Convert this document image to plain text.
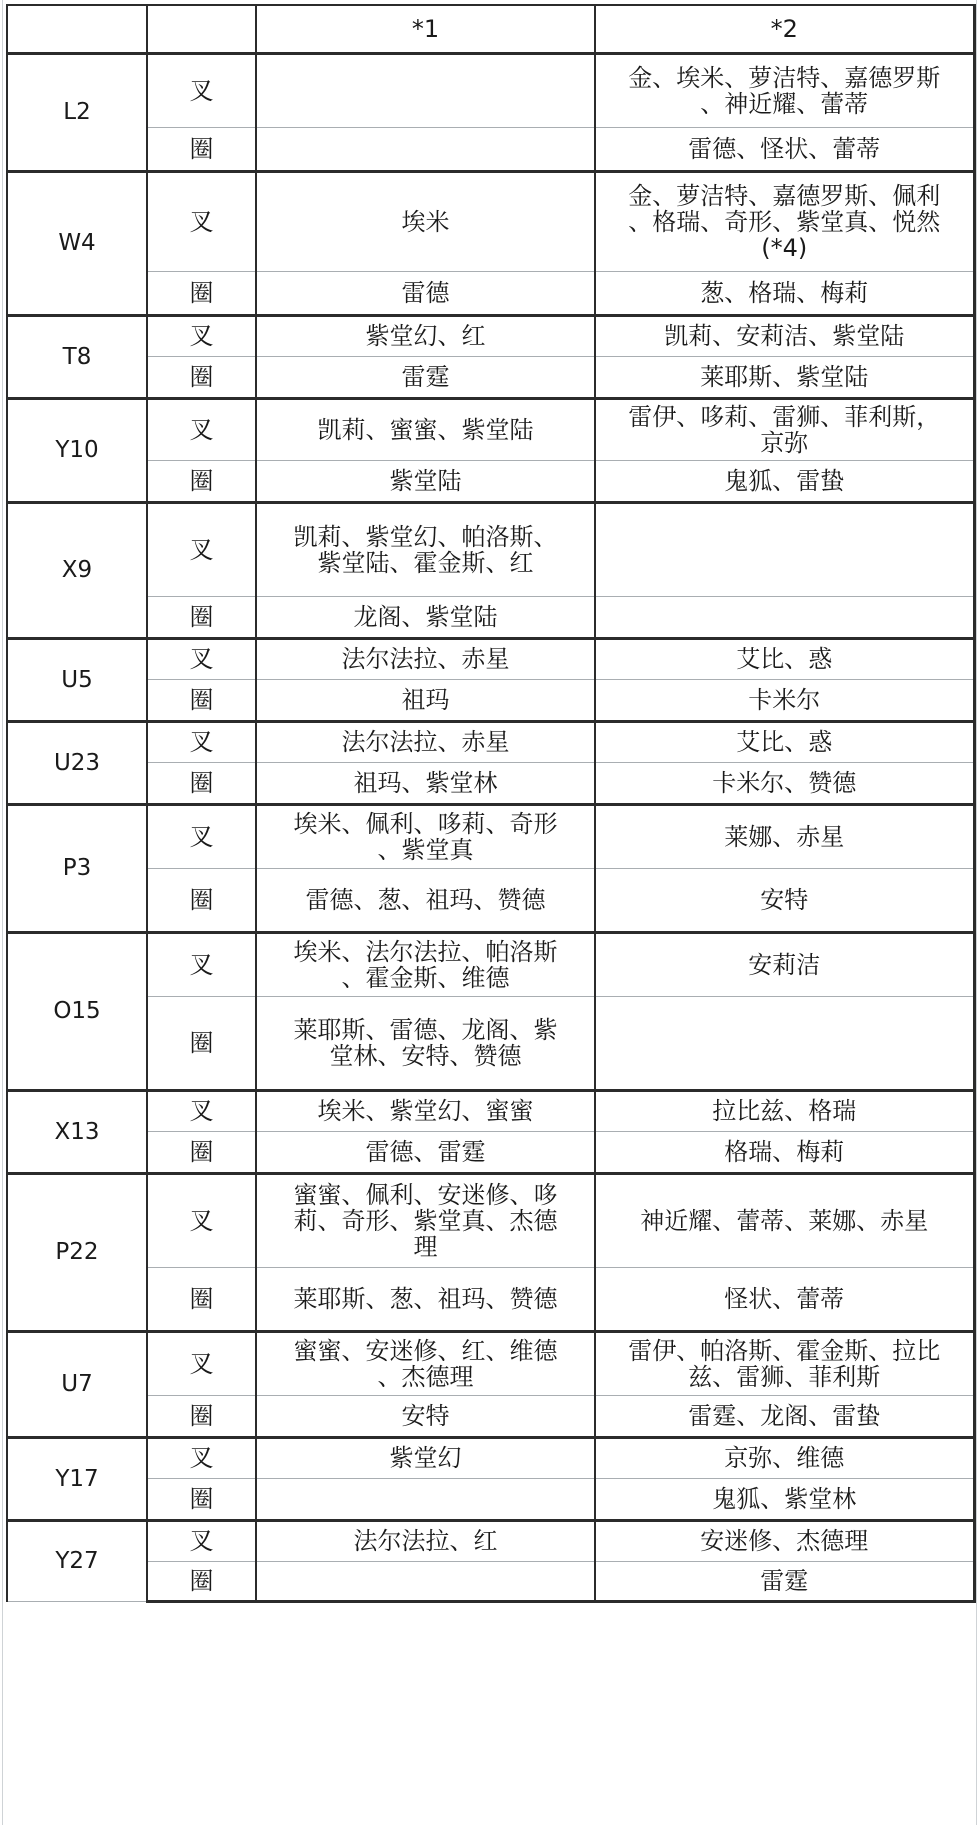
		*1	*2
L2	叉		金、埃米、萝洁特、嘉德罗斯
、神近耀、蕾蒂
	圈		雷德、怪状、蕾蒂
W4	叉	埃米	金、萝洁特、嘉德罗斯、佩利
、格瑞、奇形、紫堂真、悦然
(*4)
	圈	雷德	葱、格瑞、梅莉
T8	叉	紫堂幻、红	凯莉、安莉洁、紫堂陆
	圈	雷霆	莱耶斯、紫堂陆
Y10	叉	凯莉、蜜蜜、紫堂陆	雷伊、哆莉、雷狮、菲利斯，
京弥
	圈	紫堂陆	鬼狐、雷蛰
X9	叉	凯莉、紫堂幻、帕洛斯、
紫堂陆、霍金斯、红	
	圈	龙阁、紫堂陆	
U5	叉	法尔法拉、赤星	艾比、惑
	圈	祖玛	卡米尔
U23	叉	法尔法拉、赤星	艾比、惑
	圈	祖玛、紫堂林	卡米尔、赞德
P3	叉	埃米、佩利、哆莉、奇形
、紫堂真	莱娜、赤星
	圈	雷德、葱、祖玛、赞德	安特
O15	叉	埃米、法尔法拉、帕洛斯
、霍金斯、维德	安莉洁
	圈	莱耶斯、雷德、龙阁、紫
堂林、安特、赞德	
X13	叉	埃米、紫堂幻、蜜蜜	拉比兹、格瑞
	圈	雷德、雷霆	格瑞、梅莉
P22	叉	蜜蜜、佩利、安迷修、哆
莉、奇形、紫堂真、杰德
理	神近耀、蕾蒂、莱娜、赤星
	圈	莱耶斯、葱、祖玛、赞德	怪状、蕾蒂
U7	叉	蜜蜜、安迷修、红、维德
、杰德理	雷伊、帕洛斯、霍金斯、拉比
兹、雷狮、菲利斯
	圈	安特	雷霆、龙阁、雷蛰
Y17	叉	紫堂幻	京弥、维德
	圈		鬼狐、紫堂林
Y27	叉	法尔法拉、红	安迷修、杰德理
	圈		雷霆
